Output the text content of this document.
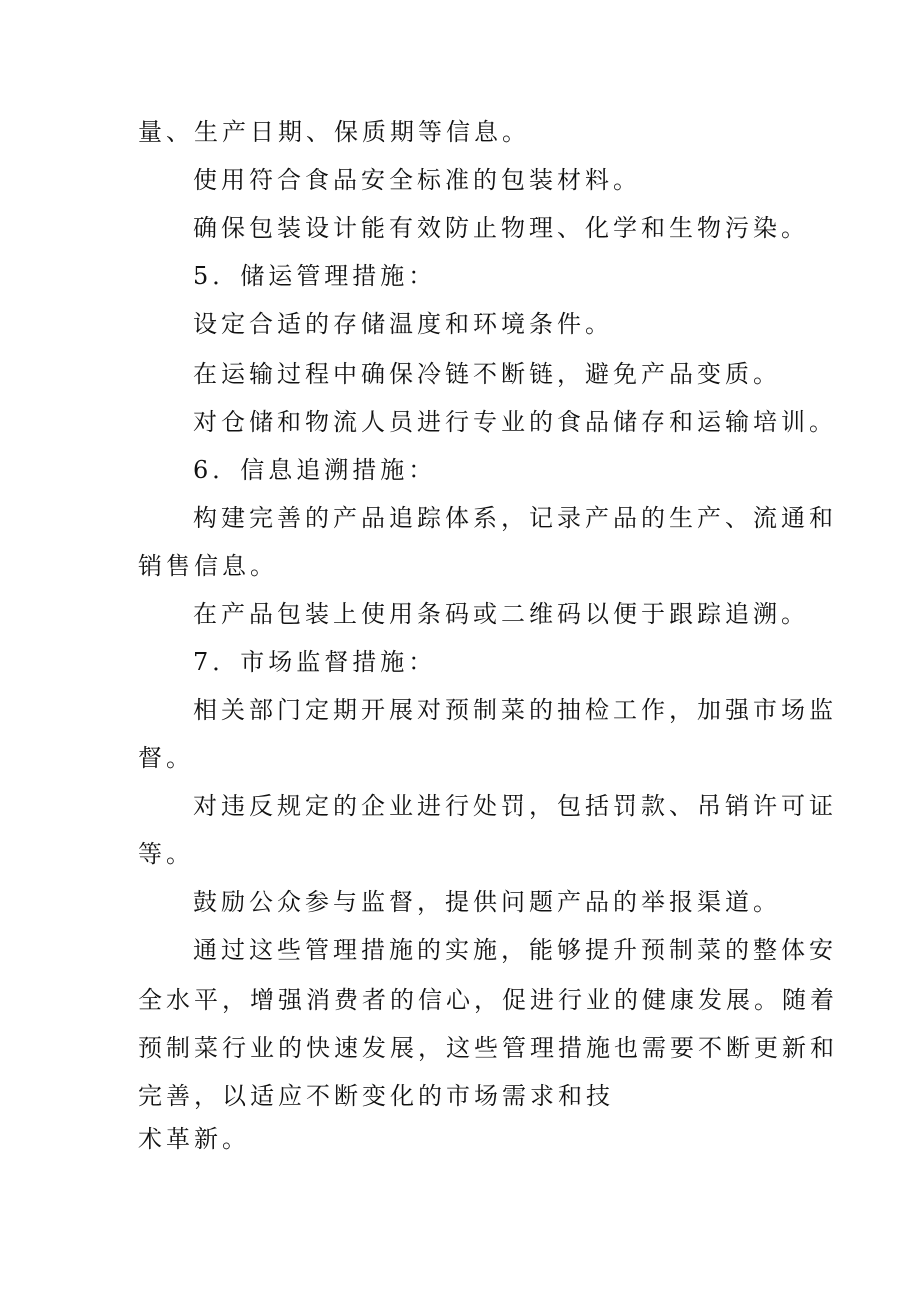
量、生产日期、保质期等信息。
使用符合食品安全标准的包装材料。
确保包装设计能有效防止物理、化学和生物污染。
5．储运管理措施：
设定合适的存储温度和环境条件。
在运输过程中确保冷链不断链，避免产品变质。
对仓储和物流人员进行专业的食品储存和运输培训。
6．信息追溯措施：
构建完善的产品追踪体系，记录产品的生产、流通和
销售信息。
在产品包装上使用条码或二维码以便于跟踪追溯。
7．市场监督措施：
相关部门定期开展对预制菜的抽检工作，加强市场监
督。
对违反规定的企业进行处罚，包括罚款、吊销许可证
等。
鼓励公众参与监督，提供问题产品的举报渠道。
通过这些管理措施的实施，能够提升预制菜的整体安
全水平，增强消费者的信心，促进行业的健康发展。随着
预制菜行业的快速发展，这些管理措施也需要不断更新和
完善，以适应不断变化的市场需求和技
术革新。
